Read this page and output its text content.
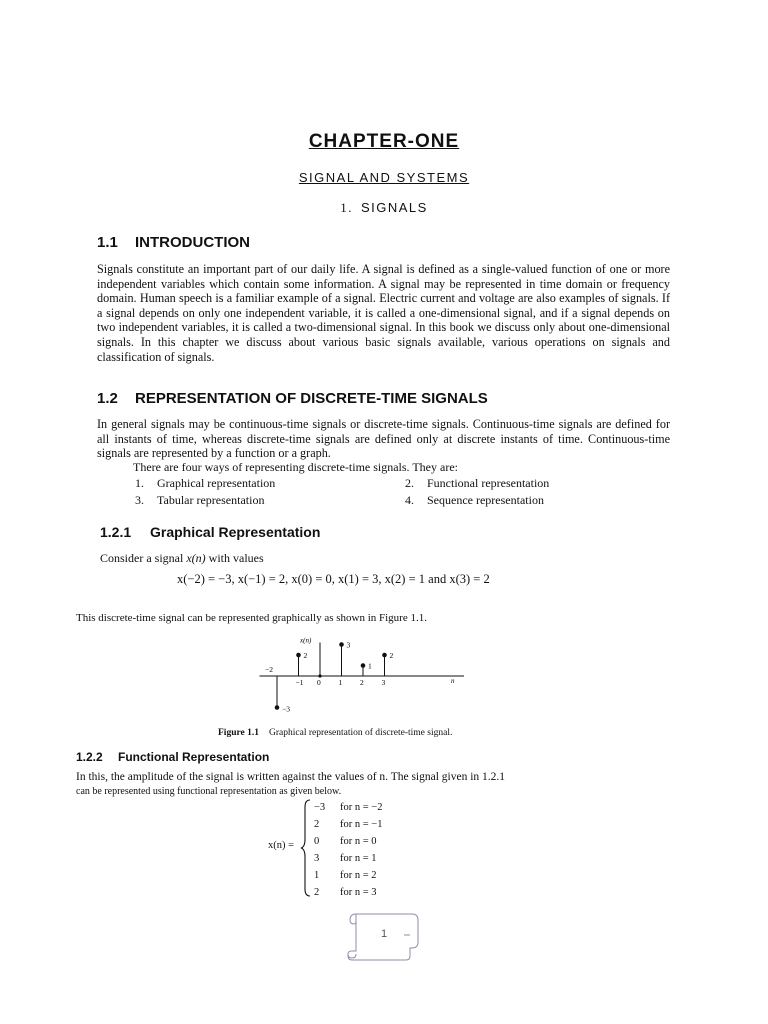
CHAPTER-ONE
SIGNAL AND SYSTEMS
1. SIGNALS
1.1 INTRODUCTION
Signals constitute an important part of our daily life. A signal is defined as a single-valued function of one or more independent variables which contain some information. A signal may be represented in time domain or frequency domain. Human speech is a familiar example of a signal. Electric current and voltage are also examples of signals. If a signal depends on only one independent variable, it is called a one-dimensional signal, and if a signal depends on two independent variables, it is called a two-dimensional signal. In this book we discuss only about one-dimensional signals. In this chapter we discuss about various basic signals available, various operations on signals and classification of signals.
1.2 REPRESENTATION OF DISCRETE-TIME SIGNALS
In general signals may be continuous-time signals or discrete-time signals. Continuous-time signals are defined for all instants of time, whereas discrete-time signals are defined only at discrete instants of time. Continuous-time signals are represented by a function or a graph.
There are four ways of representing discrete-time signals. They are:
1. Graphical representation	2. Functional representation
3. Tabular representation	4. Sequence representation
1.2.1 Graphical Representation
Consider a signal x(n) with values
x(−2) = −3, x(−1) = 2, x(0) = 0, x(1) = 3, x(2) = 1 and x(3) = 2
This discrete-time signal can be represented graphically as shown in Figure 1.1.
x(n)
n
−3
2
3
1
2
−2
−1 0 1 2 3
Figure 1.1 Graphical representation of discrete-time signal.
1.2.2 Functional Representation
In this, the amplitude of the signal is written against the values of n. The signal given in 1.2.1
can be represented using functional representation as given below.
x(n) =
−3 for n = −2
2 for n = −1
0 for n = 0
3 for n = 1
1 for n = 2
2 for n = 3
1
